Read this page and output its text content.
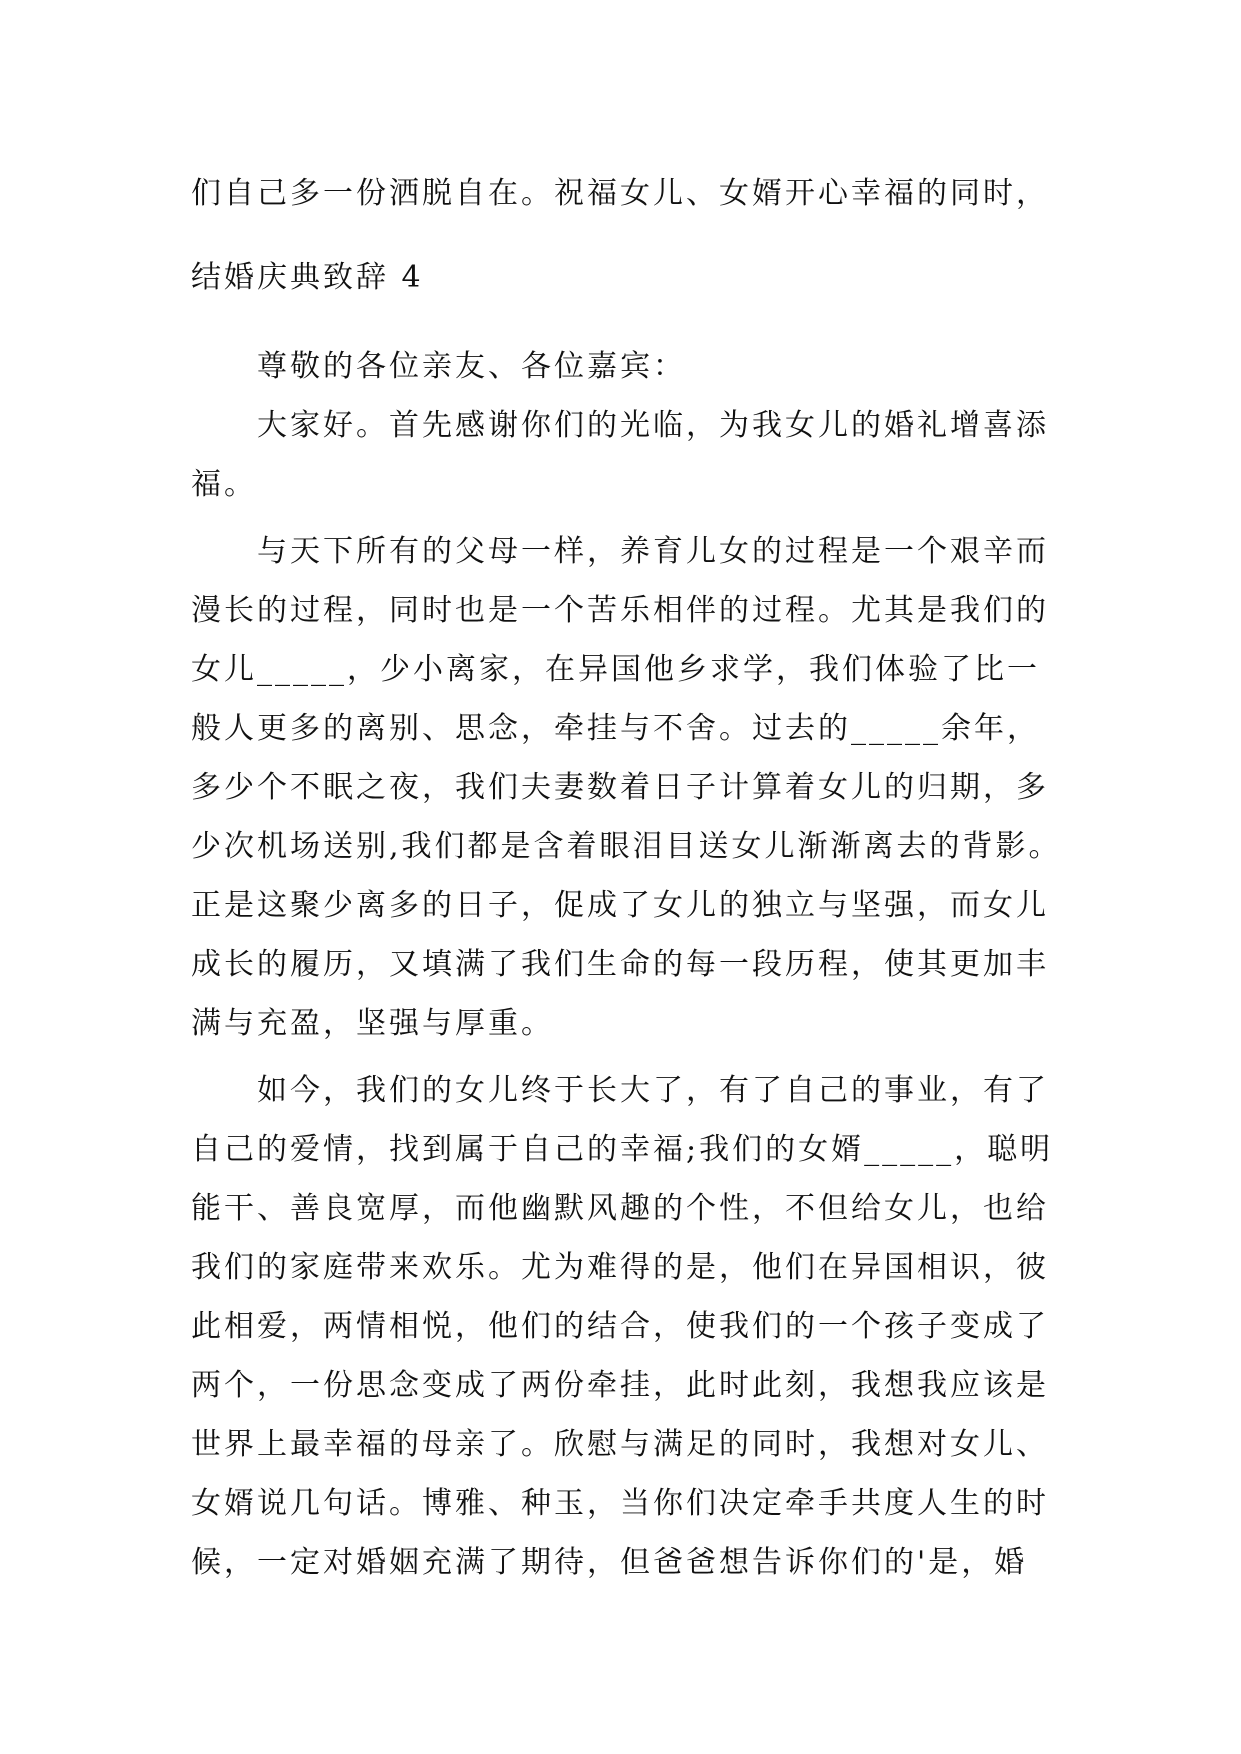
们自己多一份洒脱自在。祝福女儿、女婿开心幸福的同时，
结婚庆典致辞 4

尊敬的各位亲友、各位嘉宾：

大家好。首先感谢你们的光临，为我女儿的婚礼增喜添
福。

与天下所有的父母一样，养育儿女的过程是一个艰辛而
漫长的过程，同时也是一个苦乐相伴的过程。尤其是我们的
女儿_____，少小离家，在异国他乡求学，我们体验了比一
般人更多的离别、思念，牵挂与不舍。过去的_____余年，
多少个不眠之夜，我们夫妻数着日子计算着女儿的归期，多
少次机场送别,我们都是含着眼泪目送女儿渐渐离去的背影。
正是这聚少离多的日子，促成了女儿的独立与坚强，而女儿
成长的履历，又填满了我们生命的每一段历程，使其更加丰
满与充盈，坚强与厚重。

如今，我们的女儿终于长大了，有了自己的事业，有了
自己的爱情，找到属于自己的幸福;我们的女婿_____，聪明
能干、善良宽厚，而他幽默风趣的个性，不但给女儿，也给
我们的家庭带来欢乐。尤为难得的是，他们在异国相识，彼
此相爱，两情相悦，他们的结合，使我们的一个孩子变成了
两个，一份思念变成了两份牵挂，此时此刻，我想我应该是
世界上最幸福的母亲了。欣慰与满足的同时，我想对女儿、
女婿说几句话。博雅、种玉，当你们决定牵手共度人生的时
候，一定对婚姻充满了期待，但爸爸想告诉你们的'是，婚
